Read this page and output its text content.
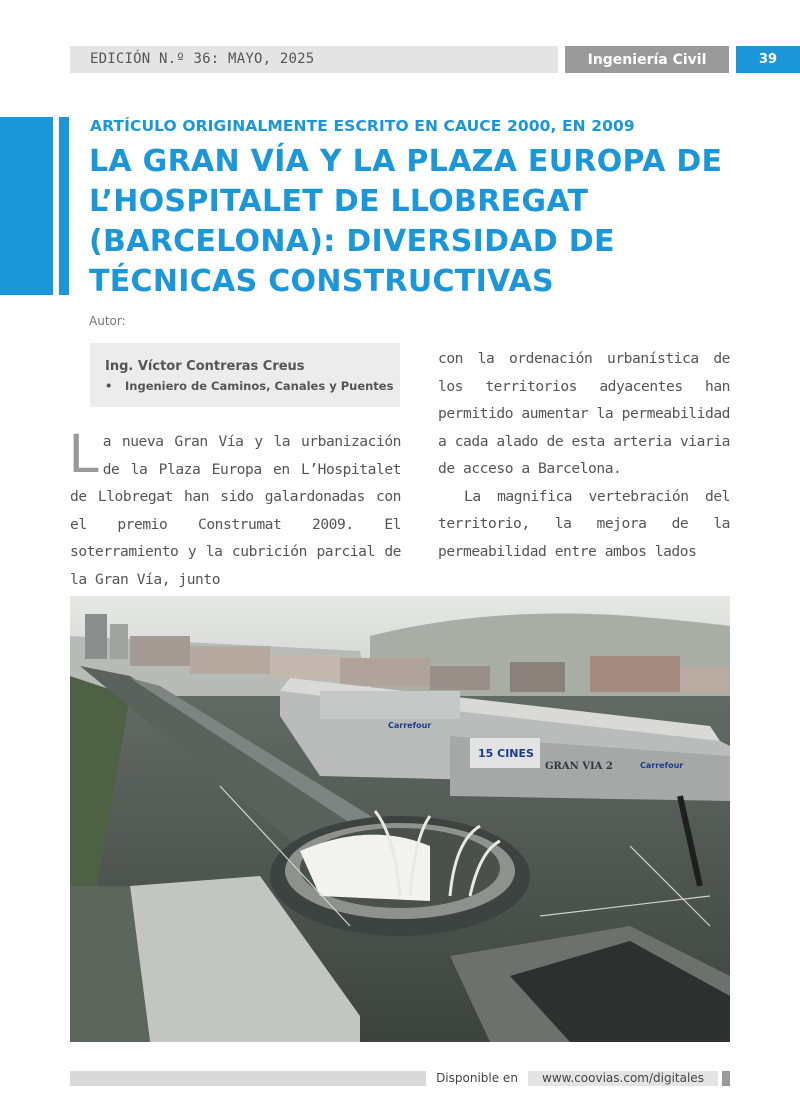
EDICIÓN N.º 36: MAYO, 2025	Ingeniería Civil	39
ARTÍCULO ORIGINALMENTE ESCRITO EN CAUCE 2000, EN 2009
LA GRAN VÍA Y LA PLAZA EUROPA DE L’HOSPITALET DE LLOBREGAT (BARCELONA): DIVERSIDAD DE TÉCNICAS CONSTRUCTIVAS
Autor:
Ing. Víctor Contreras Creus
• Ingeniero de Caminos, Canales y Puentes

La nueva Gran Vía y la urbanización de la Plaza Europa en L’Hospitalet de Llobregat han sido galardonadas con el premio Construmat 2009. El soterramiento y la cubrición parcial de la Gran Vía, junto

con la ordenación urbanística de los territorios adyacentes han permitido aumentar la permeabilidad a cada alado de esta arteria viaria de acceso a Barcelona.

La magnifica vertebración del territorio, la mejora de la permeabilidad entre ambos lados

15 CINES
GRAN VIA 2
Carrefour
Carrefour
Disponible en	www.coovias.com/digitales
